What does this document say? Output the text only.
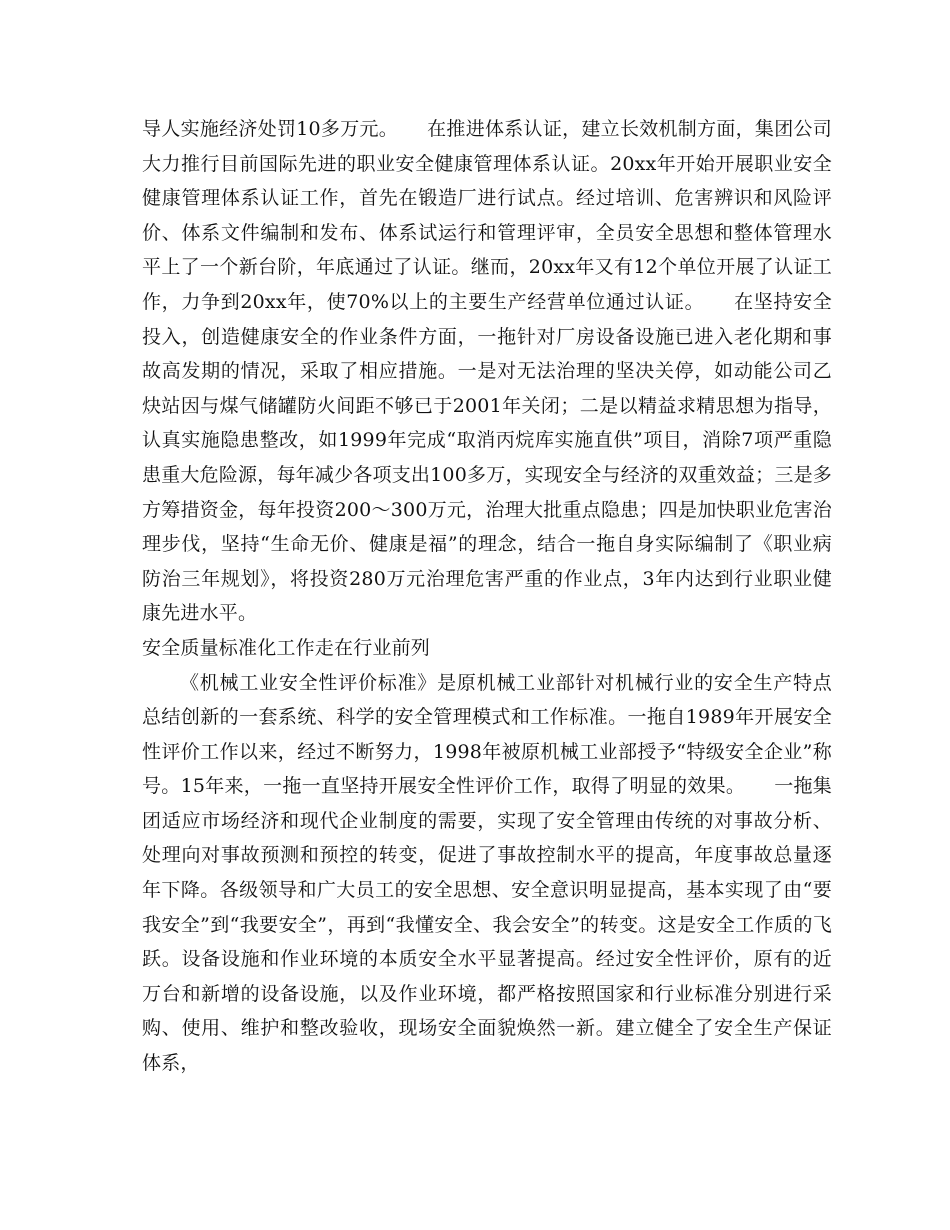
导人实施经济处罚10多万元。　　在推进体系认证，建立长效机制方面，集团公司大力推行目前国际先进的职业安全健康管理体系认证。20xx年开始开展职业安全健康管理体系认证工作，首先在锻造厂进行试点。经过培训、危害辨识和风险评价、体系文件编制和发布、体系试运行和管理评审，全员安全思想和整体管理水平上了一个新台阶，年底通过了认证。继而，20xx年又有12个单位开展了认证工作，力争到20xx年，使70%以上的主要生产经营单位通过认证。　　在坚持安全投入，创造健康安全的作业条件方面，一拖针对厂房设备设施已进入老化期和事故高发期的情况，采取了相应措施。一是对无法治理的坚决关停，如动能公司乙炔站因与煤气储罐防火间距不够已于2001年关闭；二是以精益求精思想为指导，认真实施隐患整改，如1999年完成“取消丙烷库实施直供”项目，消除7项严重隐患重大危险源，每年减少各项支出100多万，实现安全与经济的双重效益；三是多方筹措资金，每年投资200～300万元，治理大批重点隐患；四是加快职业危害治理步伐，坚持“生命无价、健康是福”的理念，结合一拖自身实际编制了《职业病防治三年规划》，将投资280万元治理危害严重的作业点，3年内达到行业职业健康先进水平。

安全质量标准化工作走在行业前列

《机械工业安全性评价标准》是原机械工业部针对机械行业的安全生产特点总结创新的一套系统、科学的安全管理模式和工作标准。一拖自1989年开展安全性评价工作以来，经过不断努力，1998年被原机械工业部授予“特级安全企业”称号。15年来，一拖一直坚持开展安全性评价工作，取得了明显的效果。　　一拖集团适应市场经济和现代企业制度的需要，实现了安全管理由传统的对事故分析、处理向对事故预测和预控的转变，促进了事故控制水平的提高，年度事故总量逐年下降。各级领导和广大员工的安全思想、安全意识明显提高，基本实现了由“要我安全”到“我要安全”，再到“我懂安全、我会安全”的转变。这是安全工作质的飞跃。设备设施和作业环境的本质安全水平显著提高。经过安全性评价，原有的近万台和新增的设备设施，以及作业环境，都严格按照国家和行业标准分别进行采购、使用、维护和整改验收，现场安全面貌焕然一新。建立健全了安全生产保证体系，
